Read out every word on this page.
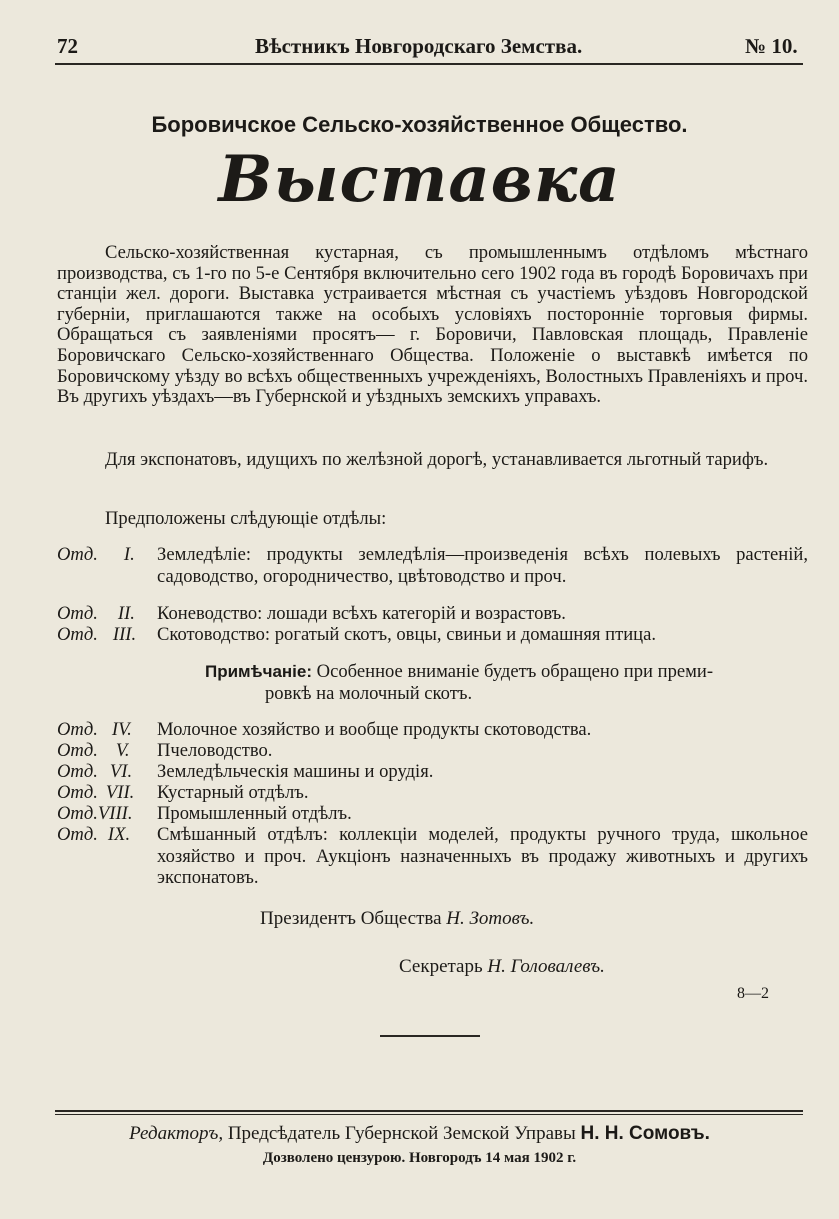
72	Вѣстникъ Новгородскаго Земства.	№ 10.
Боровичское Сельско-хозяйственное Общество.
Выставка
Сельско-хозяйственная кустарная, съ промышленнымъ отдѣломъ мѣстнаго производства, съ 1-го по 5-е Сентября включительно сего 1902 года въ городѣ Боровичахъ при станціи жел. дороги. Выставка устраивается мѣстная съ участіемъ уѣздовъ Новгородской губерніи, приглашаются также на особыхъ условіяхъ посторонніе торговыя фирмы. Обращаться съ заявленіями просятъ— г. Боровичи, Павловская площадь, Правленіе Боровичскаго Сельско-хозяйственнаго Общества. Положеніе о выставкѣ имѣется по Боровичскому уѣзду во всѣхъ общественныхъ учрежденіяхъ, Волостныхъ Правленіяхъ и проч. Въ другихъ уѣздахъ—въ Губернской и уѣздныхъ земскихъ управахъ.
Для экспонатовъ, идущихъ по желѣзной дорогѣ, устанавливается льготный тарифъ.
Предположены слѣдующіе отдѣлы:
Отд. I.	Земледѣліе: продукты земледѣлія—произведенія всѣхъ полевыхъ растеній, садоводство, огородничество, цвѣтоводство и проч.
Отд. II.	Коневодство: лошади всѣхъ категорій и возрастовъ.
Отд. III.	Скотоводство: рогатый скотъ, овцы, свиньи и домашняя птица.
Примѣчаніе: Особенное вниманіе будетъ обращено при преми-
ровкѣ на молочный скотъ.
Отд. IV.	Молочное хозяйство и вообще продукты скотоводства.
Отд. V.	Пчеловодство.
Отд. VI.	Земледѣльческія машины и орудія.
Отд. VII.	Кустарный отдѣлъ.
Отд.VIII.	Промышленный отдѣлъ.
Отд. IX.	Смѣшанный отдѣлъ: коллекціи моделей, продукты ручного труда, школьное хозяйство и проч. Аукціонъ назначенныхъ въ продажу животныхъ и другихъ экспонатовъ.
Президентъ Общества Н. Зотовъ.
Секретарь Н. Головалевъ.
8—2
Редакторъ, Предсѣдатель Губернской Земской Управы Н. Н. Сомовъ.
Дозволено цензурою. Новгородъ 14 мая 1902 г.
